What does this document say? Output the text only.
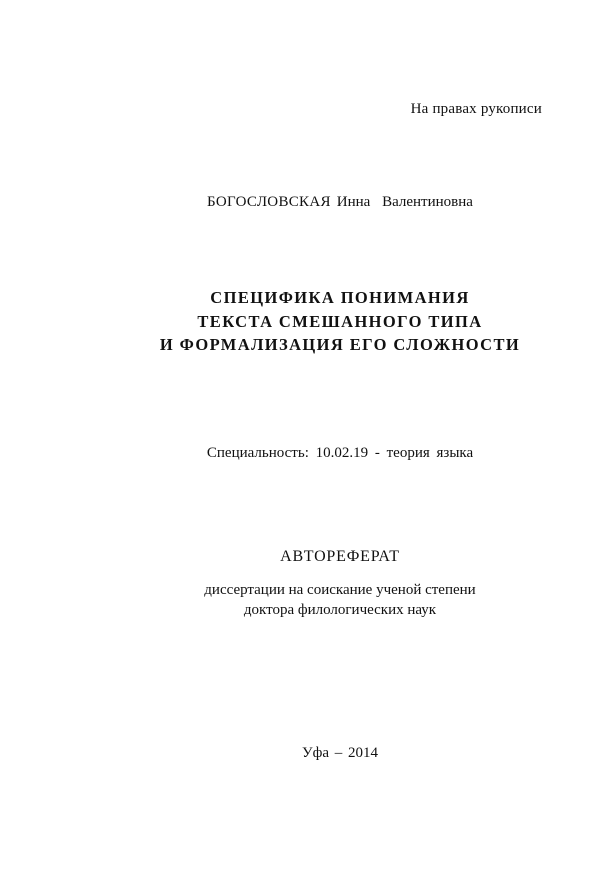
На правах рукописи

БОГОСЛОВСКАЯ Инна Валентиновна

СПЕЦИФИКА ПОНИМАНИЯ
ТЕКСТА СМЕШАННОГО ТИПА
И ФОРМАЛИЗАЦИЯ ЕГО СЛОЖНОСТИ

Специальность: 10.02.19 - теория языка

АВТОРЕФЕРАТ

диссертации на соискание ученой степени
доктора филологических наук

Уфа – 2014
